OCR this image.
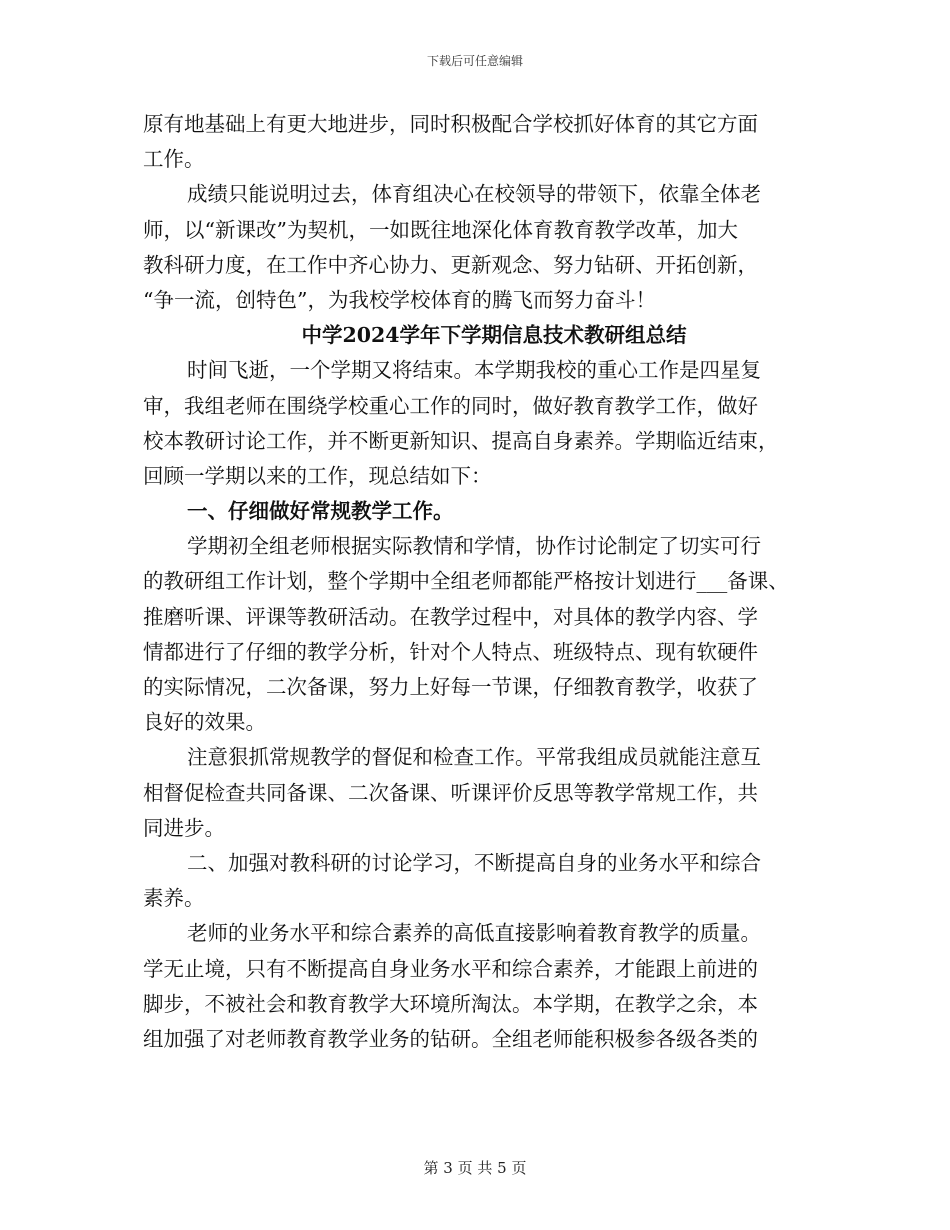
下载后可任意编辑
原有地基础上有更大地进步，同时积极配合学校抓好体育的其它方面
工作。
成绩只能说明过去，体育组决心在校领导的带领下，依靠全体老
师，以“新课改”为契机，一如既往地深化体育教育教学改革，加大
教科研力度，在工作中齐心协力、更新观念、努力钻研、开拓创新，
“争一流，创特色”，为我校学校体育的腾飞而努力奋斗！
中学2024学年下学期信息技术教研组总结
时间飞逝，一个学期又将结束。本学期我校的重心工作是四星复
审，我组老师在围绕学校重心工作的同时，做好教育教学工作，做好
校本教研讨论工作，并不断更新知识、提高自身素养。学期临近结束，
回顾一学期以来的工作，现总结如下：
一、仔细做好常规教学工作。
学期初全组老师根据实际教情和学情，协作讨论制定了切实可行
的教研组工作计划，整个学期中全组老师都能严格按计划进行___备课、
推磨听课、评课等教研活动。在教学过程中，对具体的教学内容、学
情都进行了仔细的教学分析，针对个人特点、班级特点、现有软硬件
的实际情况，二次备课，努力上好每一节课，仔细教育教学，收获了
良好的效果。
注意狠抓常规教学的督促和检查工作。平常我组成员就能注意互
相督促检查共同备课、二次备课、听课评价反思等教学常规工作，共
同进步。
二、加强对教科研的讨论学习，不断提高自身的业务水平和综合
素养。
老师的业务水平和综合素养的高低直接影响着教育教学的质量。
学无止境，只有不断提高自身业务水平和综合素养，才能跟上前进的
脚步，不被社会和教育教学大环境所淘汰。本学期，在教学之余，本
组加强了对老师教育教学业务的钻研。全组老师能积极参各级各类的
第 3 页 共 5 页
